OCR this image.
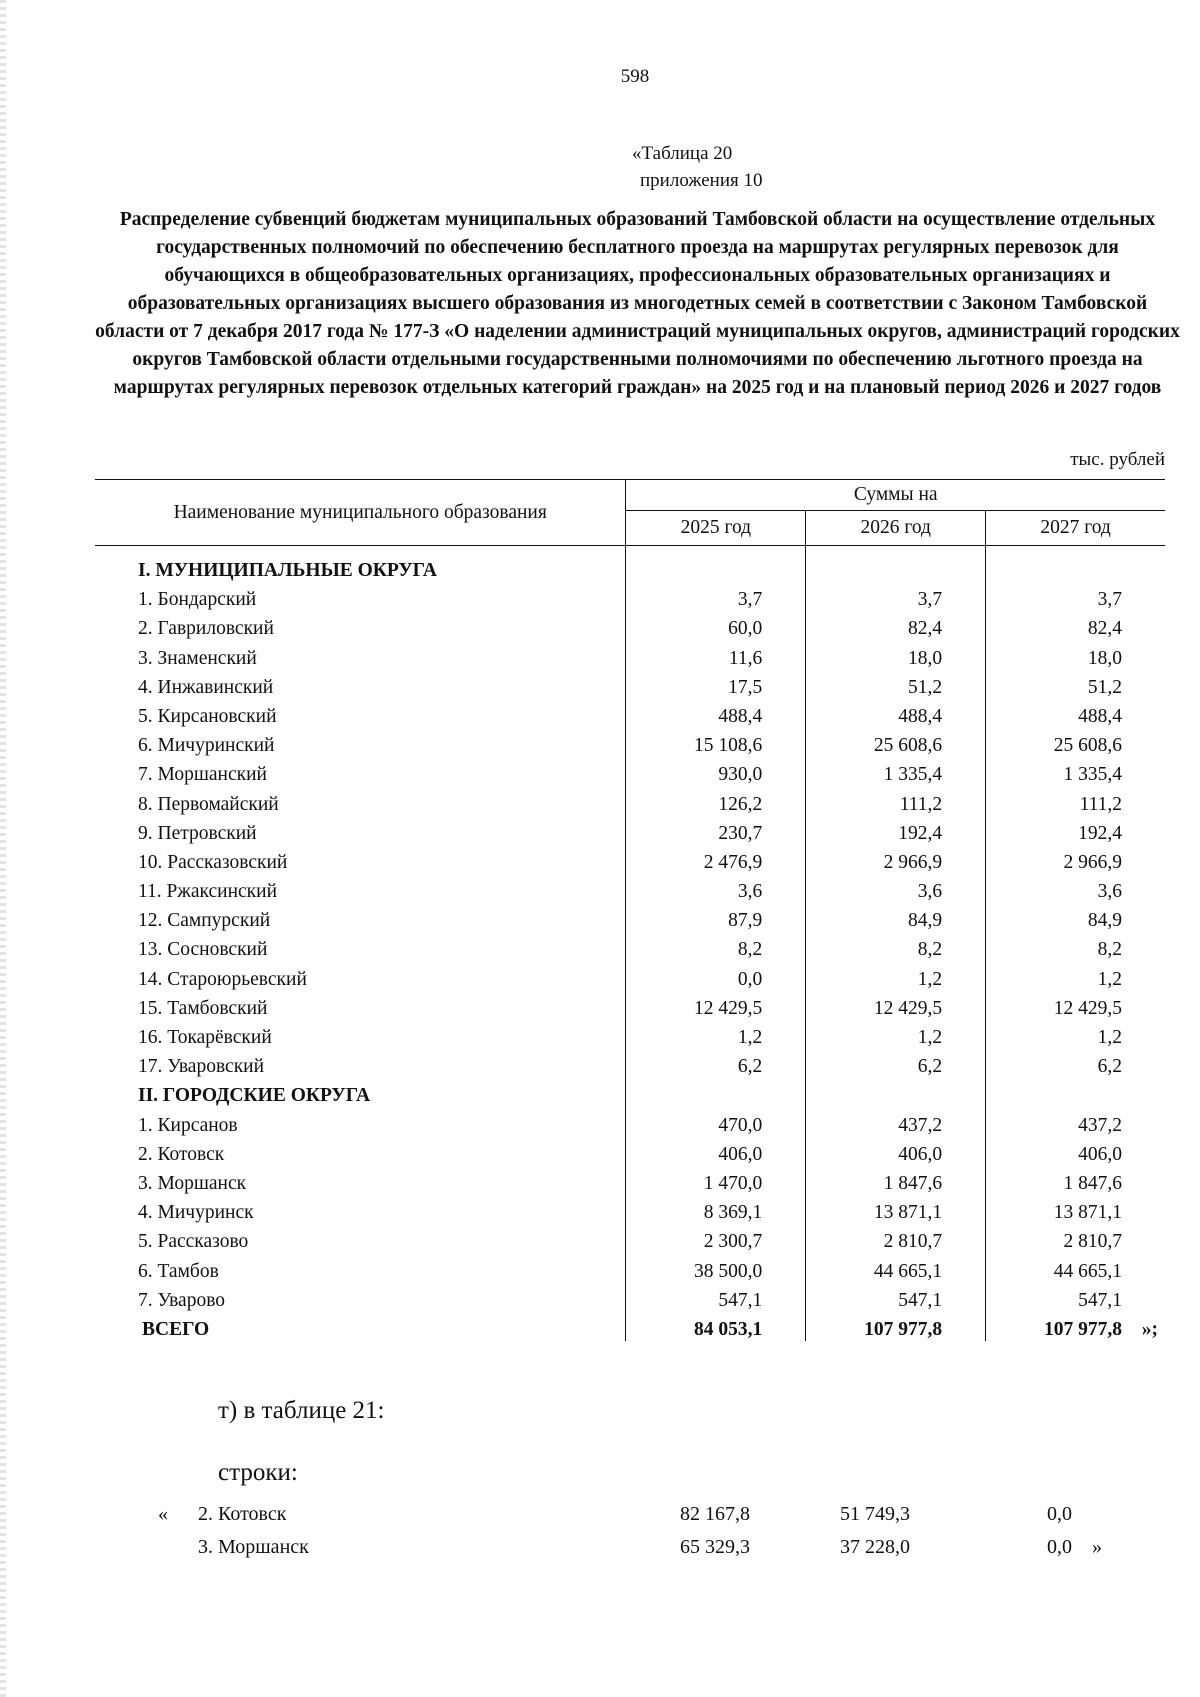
598
«Таблица 20
приложения 10
Распределение субвенций бюджетам муниципальных образований Тамбовской области на осуществление отдельных государственных полномочий по обеспечению бесплатного проезда на маршрутах регулярных перевозок для обучающихся в общеобразовательных организациях, профессиональных образовательных организациях и образовательных организациях высшего образования из многодетных семей в соответствии с Законом Тамбовской области от 7 декабря 2017 года № 177-З «О наделении администраций муниципальных округов, администраций городских округов Тамбовской области отдельными государственными полномочиями по обеспечению льготного проезда на маршрутах регулярных перевозок отдельных категорий граждан» на 2025 год и на плановый период 2026 и 2027 годов
тыс. рублей
Наименование муниципального образования	Суммы на		
	2025 год	2026 год	2027 год
I. МУНИЦИПАЛЬНЫЕ ОКРУГА			
1. Бондарский	3,7	3,7	3,7
2. Гавриловский	60,0	82,4	82,4
3. Знаменский	11,6	18,0	18,0
4. Инжавинский	17,5	51,2	51,2
5. Кирсановский	488,4	488,4	488,4
6. Мичуринский	15 108,6	25 608,6	25 608,6
7. Моршанский	930,0	1 335,4	1 335,4
8. Первомайский	126,2	111,2	111,2
9. Петровский	230,7	192,4	192,4
10. Рассказовский	2 476,9	2 966,9	2 966,9
11. Ржаксинский	3,6	3,6	3,6
12. Сампурский	87,9	84,9	84,9
13. Сосновский	8,2	8,2	8,2
14. Староюрьевский	0,0	1,2	1,2
15. Тамбовский	12 429,5	12 429,5	12 429,5
16. Токарёвский	1,2	1,2	1,2
17. Уваровский	6,2	6,2	6,2
II. ГОРОДСКИЕ ОКРУГА			
1. Кирсанов	470,0	437,2	437,2
2. Котовск	406,0	406,0	406,0
3. Моршанск	1 470,0	1 847,6	1 847,6
4. Мичуринск	8 369,1	13 871,1	13 871,1
5. Рассказово	2 300,7	2 810,7	2 810,7
6. Тамбов	38 500,0	44 665,1	44 665,1
7. Уварово	547,1	547,1	547,1
ВСЕГО	84 053,1	107 977,8	107 977,8 »;
т) в таблице 21:
строки:
« 2. Котовск	82 167,8	51 749,3	0,0
3. Моршанск	65 329,3	37 228,0	0,0 »
